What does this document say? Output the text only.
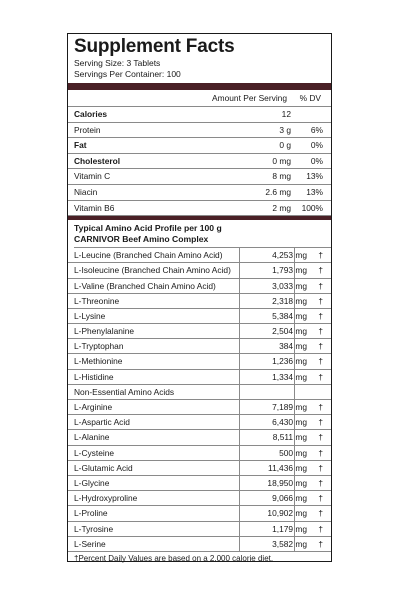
Supplement Facts
Serving Size: 3 Tablets
Servings Per Container: 100
Amount Per Serving % DV
Calories	12
Protein	3 g	6%
Fat	0 g	0%
Cholesterol	0 mg	0%
Vitamin C	8 mg	13%
Niacin	2.6 mg	13%
Vitamin B6	2 mg	100%
Typical Amino Acid Profile per 100 g
CARNIVOR Beef Amino Complex
L-Leucine (Branched Chain Amino Acid)	4,253 mg †
L-Isoleucine (Branched Chain Amino Acid)	1,793 mg †
L-Valine (Branched Chain Amino Acid)	3,033 mg †
L-Threonine	2,318 mg †
L-Lysine	5,384 mg †
L-Phenylalanine	2,504 mg †
L-Tryptophan	384 mg †
L-Methionine	1,236 mg †
L-Histidine	1,334 mg †
Non-Essential Amino Acids
L-Arginine	7,189 mg †
L-Aspartic Acid	6,430 mg †
L-Alanine	8,511 mg †
L-Cysteine	500 mg †
L-Glutamic Acid	11,436 mg †
L-Glycine	18,950 mg †
L-Hydroxyproline	9,066 mg †
L-Proline	10,902 mg †
L-Tyrosine	1,179 mg †
L-Serine	3,582 mg †
†Percent Daily Values are based on a 2,000 calorie diet.
